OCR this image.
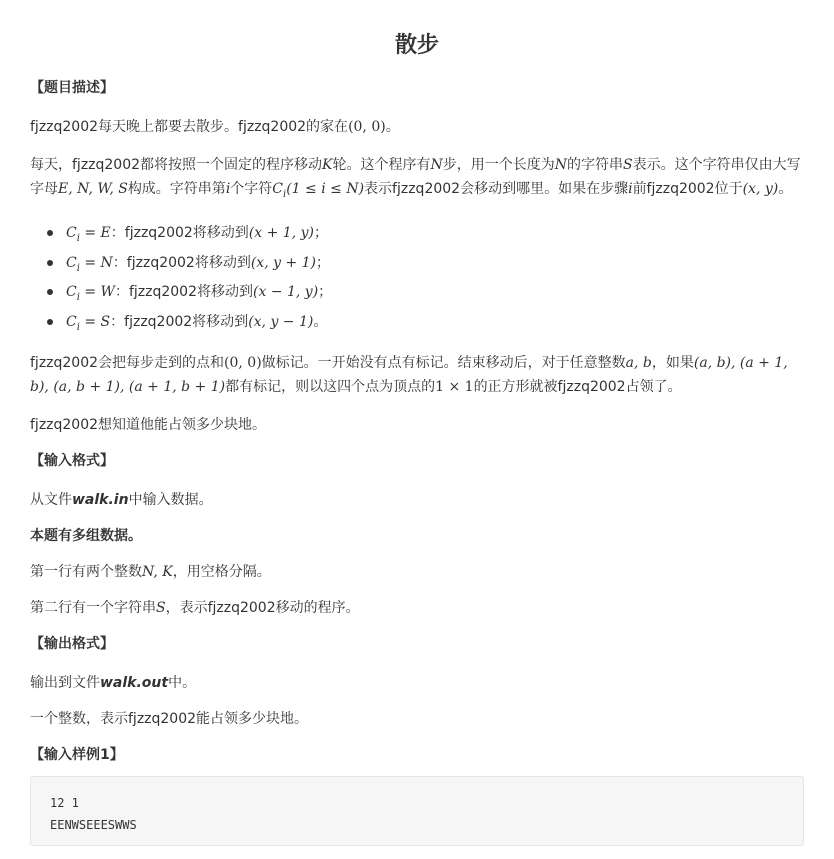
散步
【题目描述】

fjzzq2002每天晚上都要去散步。fjzzq2002的家在(0, 0)。

每天，fjzzq2002都将按照一个固定的程序移动K轮。这个程序有N步，用一个长度为N的字符串S表示。这个字符串仅由大写字母E, N, W, S构成。字符串第i个字符$C_i(1 \le i \le N)$表示fjzzq2002会移动到哪里。如果在步骤i前fjzzq2002位于(x, y)。

$C_i = E$：fjzzq2002将移动到(x + 1, y)；
$C_i = N$：fjzzq2002将移动到(x, y + 1)；
$C_i = W$：fjzzq2002将移动到(x − 1, y)；
$C_i = S$：fjzzq2002将移动到(x, y − 1)。

fjzzq2002会把每步走到的点和(0, 0)做标记。一开始没有点有标记。结束移动后，对于任意整数a, b，如果(a, b), (a + 1, b), (a, b + 1), (a + 1, b + 1)都有标记，则以这四个点为顶点的1 × 1的正方形就被fjzzq2002占领了。

fjzzq2002想知道他能占领多少块地。

【输入格式】

从文件walk.in中输入数据。

本题有多组数据。

第一行有两个整数N, K，用空格分隔。

第二行有一个字符串S，表示fjzzq2002移动的程序。

【输出格式】

输出到文件walk.out中。

一个整数，表示fjzzq2002能占领多少块地。

【输入样例1】
12 1
EENWSEEESWWS
